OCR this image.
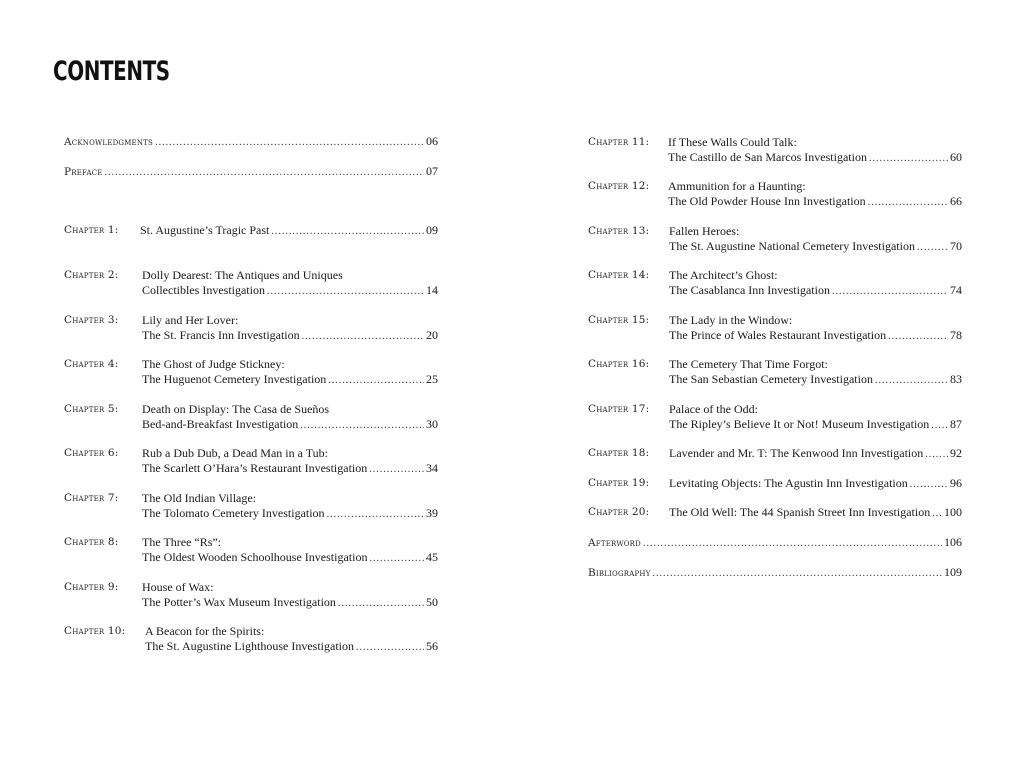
CONTENTS
Acknowledgments .....	06
Preface .....	07
Chapter 1: St. Augustine’s Tragic Past .....	09
Chapter 2: Dolly Dearest: The Antiques and Uniques
Collectibles Investigation .....	14
Chapter 3: Lily and Her Lover:
The St. Francis Inn Investigation .....	20
Chapter 4: The Ghost of Judge Stickney:
The Huguenot Cemetery Investigation .....	25
Chapter 5: Death on Display: The Casa de Sueños
Bed-and-Breakfast Investigation .....	30
Chapter 6: Rub a Dub Dub, a Dead Man in a Tub:
The Scarlett O’Hara’s Restaurant Investigation .....	34
Chapter 7: The Old Indian Village:
The Tolomato Cemetery Investigation .....	39
Chapter 8: The Three “Rs”:
The Oldest Wooden Schoolhouse Investigation .....	45
Chapter 9: House of Wax:
The Potter’s Wax Museum Investigation .....	50
Chapter 10: A Beacon for the Spirits:
The St. Augustine Lighthouse Investigation .....	56
Chapter 11: If These Walls Could Talk:
The Castillo de San Marcos Investigation .....	60
Chapter 12: Ammunition for a Haunting:
The Old Powder House Inn Investigation .....	66
Chapter 13: Fallen Heroes:
The St. Augustine National Cemetery Investigation .....	70
Chapter 14: The Architect’s Ghost:
The Casablanca Inn Investigation .....	74
Chapter 15: The Lady in the Window:
The Prince of Wales Restaurant Investigation .....	78
Chapter 16: The Cemetery That Time Forgot:
The San Sebastian Cemetery Investigation .....	83
Chapter 17: Palace of the Odd:
The Ripley’s Believe It or Not! Museum Investigation ..... 87
Chapter 18: Lavender and Mr. T: The Kenwood Inn Investigation ..... 92
Chapter 19: Levitating Objects: The Agustin Inn Investigation .....	96
Chapter 20: The Old Well: The 44 Spanish Street Inn Investigation ..... 100
Afterword .....	106
Bibliography .....	109
